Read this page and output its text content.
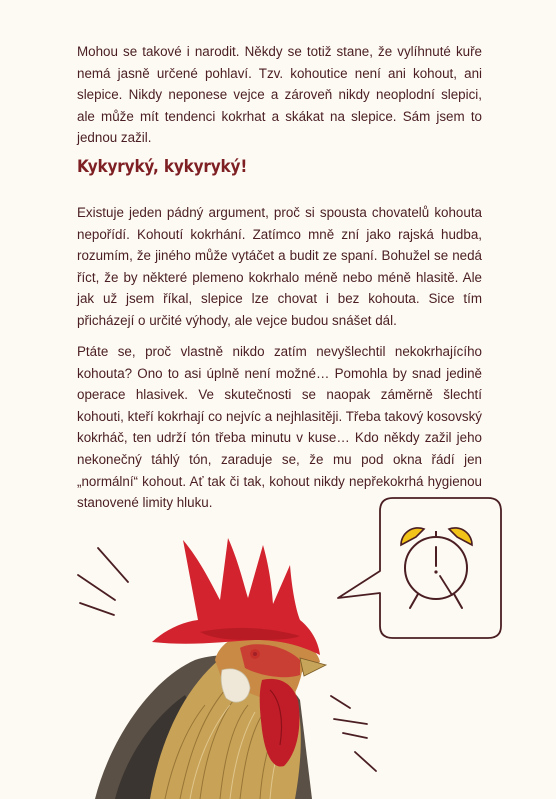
Mohou se takové i narodit. Někdy se totiž stane, že vylíhnuté kuře nemá jasně určené pohlaví. Tzv. kohoutice není ani kohout, ani slepice. Nikdy neponese vejce a zároveň nikdy neoplodní slepici, ale může mít tendenci kokrhat a skákat na slepice. Sám jsem to jednou zažil.

Kykyryký, kykyryký!

Existuje jeden pádný argument, proč si spousta chovatelů kohouta nepořídí. Kohoutí kokrhání. Zatímco mně zní jako rajská hudba, rozumím, že jiného může vytáčet a budit ze spaní. Bohužel se nedá říct, že by některé plemeno kokrhalo méně nebo méně hlasitě. Ale jak už jsem říkal, slepice lze chovat i bez kohouta. Sice tím přicházejí o určité výhody, ale vejce budou snášet dál.

Ptáte se, proč vlastně nikdo zatím nevyšlechtil nekokrhajícího kohouta? Ono to asi úplně není možné… Pomohla by snad jedině operace hlasivek. Ve skutečnosti se naopak záměrně šlechtí kohouti, kteří kokrhají co nejvíc a nejhlasitěji. Třeba takový kosovský kokrháč, ten udrží tón třeba minutu v kuse… Kdo někdy zažil jeho nekonečný táhlý tón, zaraduje se, že mu pod okna řádí jen „normální“ kohout. Ať tak či tak, kohout nikdy nepřekokrhá hygienou stanovené limity hluku.
